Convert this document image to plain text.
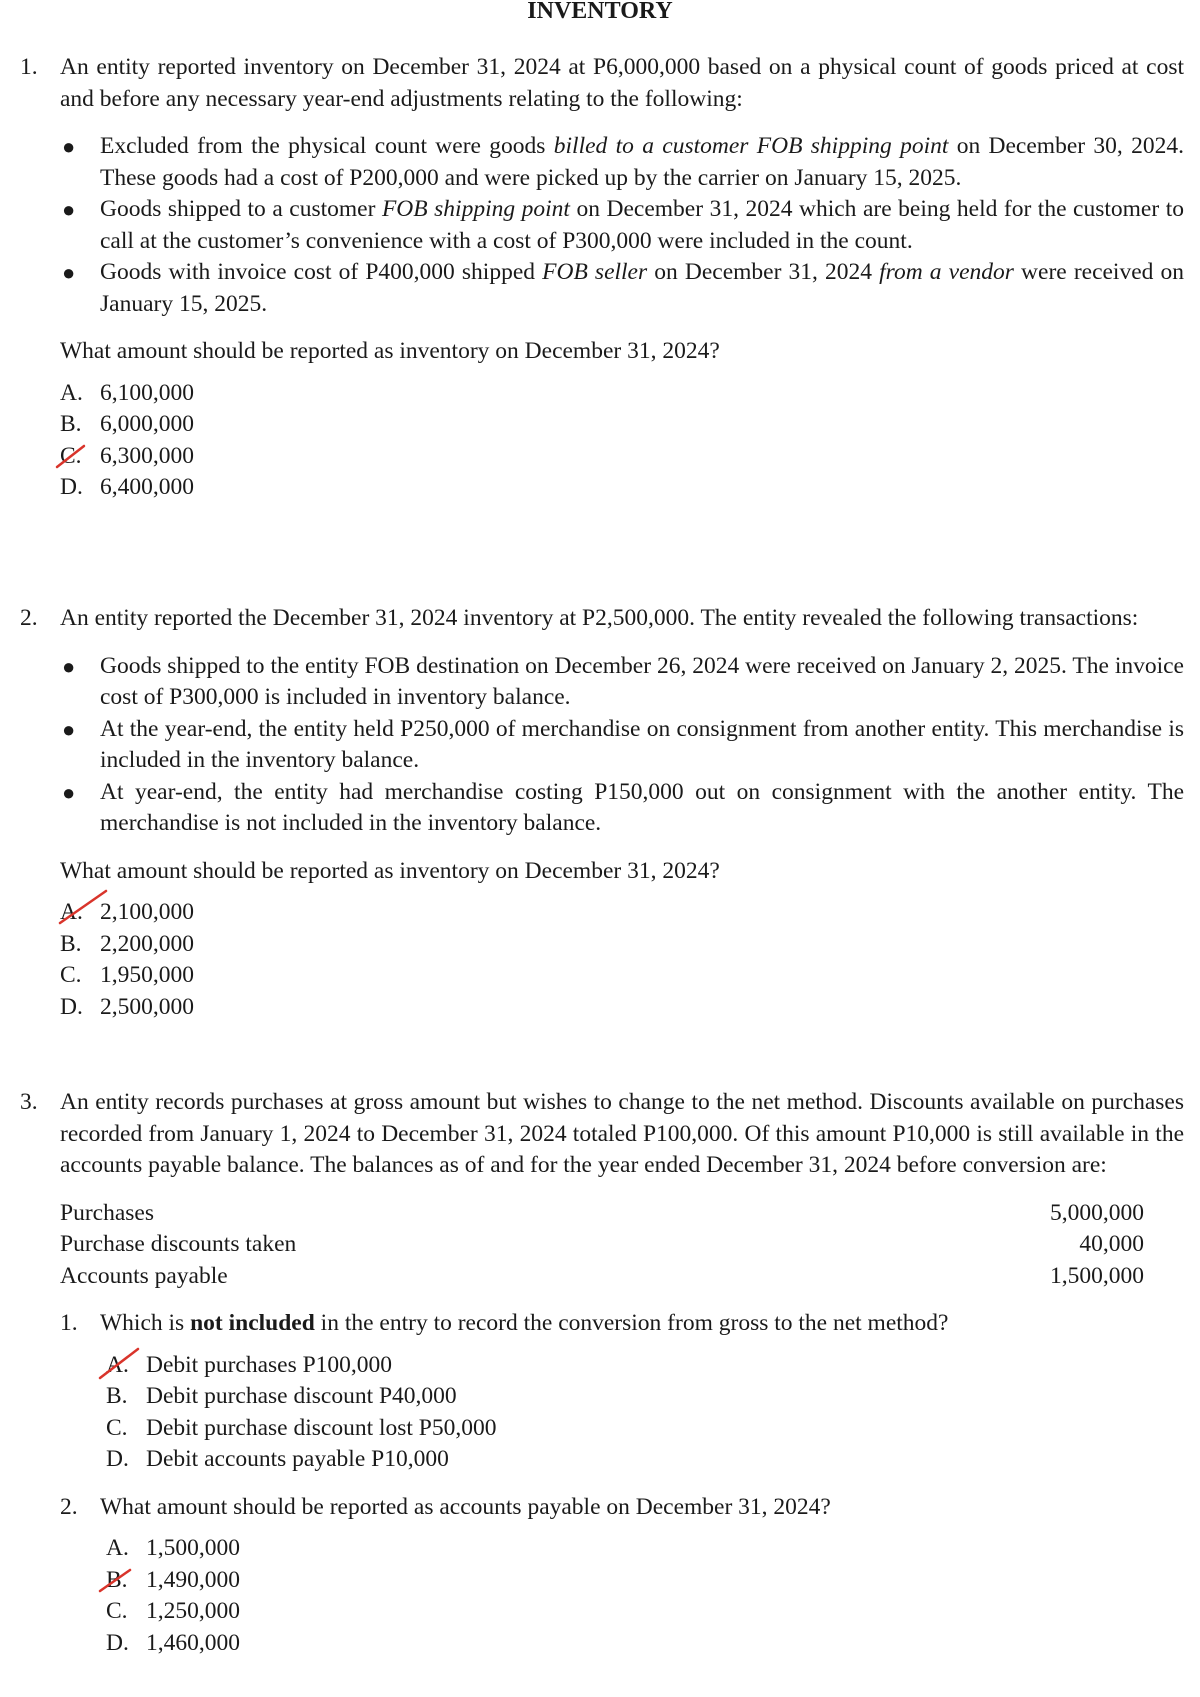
INVENTORY
1. An entity reported inventory on December 31, 2024 at P6,000,000 based on a physical count of goods priced at cost and before any necessary year-end adjustments relating to the following:
● Excluded from the physical count were goods billed to a customer FOB shipping point on December 30, 2024. These goods had a cost of P200,000 and were picked up by the carrier on January 15, 2025.
● Goods shipped to a customer FOB shipping point on December 31, 2024 which are being held for the customer to call at the customer’s convenience with a cost of P300,000 were included in the count.
● Goods with invoice cost of P400,000 shipped FOB seller on December 31, 2024 from a vendor were received on January 15, 2025.
What amount should be reported as inventory on December 31, 2024?
A. 6,100,000
B. 6,000,000
C. 6,300,000
D. 6,400,000
2. An entity reported the December 31, 2024 inventory at P2,500,000. The entity revealed the following transactions:
● Goods shipped to the entity FOB destination on December 26, 2024 were received on January 2, 2025. The invoice cost of P300,000 is included in inventory balance.
● At the year-end, the entity held P250,000 of merchandise on consignment from another entity. This merchandise is included in the inventory balance.
● At year-end, the entity had merchandise costing P150,000 out on consignment with the another entity. The merchandise is not included in the inventory balance.
What amount should be reported as inventory on December 31, 2024?
A. 2,100,000
B. 2,200,000
C. 1,950,000
D. 2,500,000
3. An entity records purchases at gross amount but wishes to change to the net method. Discounts available on purchases recorded from January 1, 2024 to December 31, 2024 totaled P100,000. Of this amount P10,000 is still available in the accounts payable balance. The balances as of and for the year ended December 31, 2024 before conversion are:
Purchases	5,000,000
Purchase discounts taken	40,000
Accounts payable	1,500,000
1. Which is not included in the entry to record the conversion from gross to the net method?
A. Debit purchases P100,000
B. Debit purchase discount P40,000
C. Debit purchase discount lost P50,000
D. Debit accounts payable P10,000
2. What amount should be reported as accounts payable on December 31, 2024?
A. 1,500,000
B. 1,490,000
C. 1,250,000
D. 1,460,000
